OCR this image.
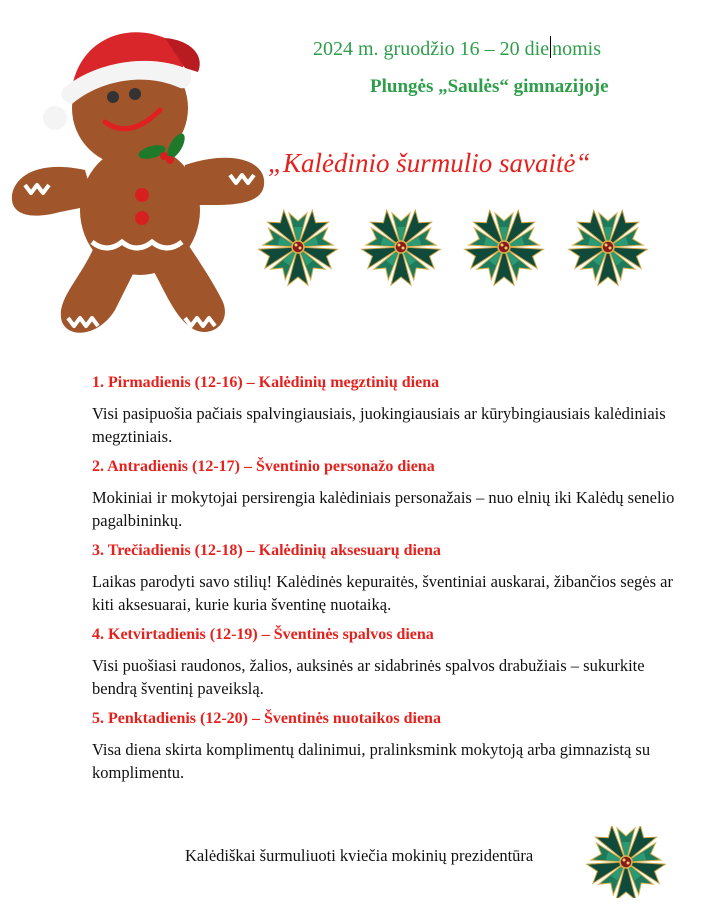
2024 m. gruodžio 16 – 20 die nomis
Plungės „Saulės“ gimnazijoje
„Kalėdinio šurmulio savaitė“
1. Pirmadienis (12-16) – Kalėdinių megztinių diena
Visi pasipuošia pačiais spalvingiausiais, juokingiausiais ar kūrybingiausiais kalėdiniais megztiniais.
2. Antradienis (12-17) – Šventinio personažo diena
Mokiniai ir mokytojai persirengia kalėdiniais personažais – nuo elnių iki Kalėdų senelio pagalbininkų.
3. Trečiadienis (12-18) – Kalėdinių aksesuarų diena
Laikas parodyti savo stilių! Kalėdinės kepuraitės, šventiniai auskarai, žibančios segės ar kiti aksesuarai, kurie kuria šventinę nuotaiką.
4. Ketvirtadienis (12-19) – Šventinės spalvos diena
Visi puošiasi raudonos, žalios, auksinės ar sidabrinės spalvos drabužiais – sukurkite bendrą šventinį paveikslą.
5. Penktadienis (12-20) – Šventinės nuotaikos diena
Visa diena skirta komplimentų dalinimui, pralinksmink mokytoją arba gimnazistą su komplimentu.
Kalėdiškai šurmuliuoti kviečia mokinių prezidentūra
